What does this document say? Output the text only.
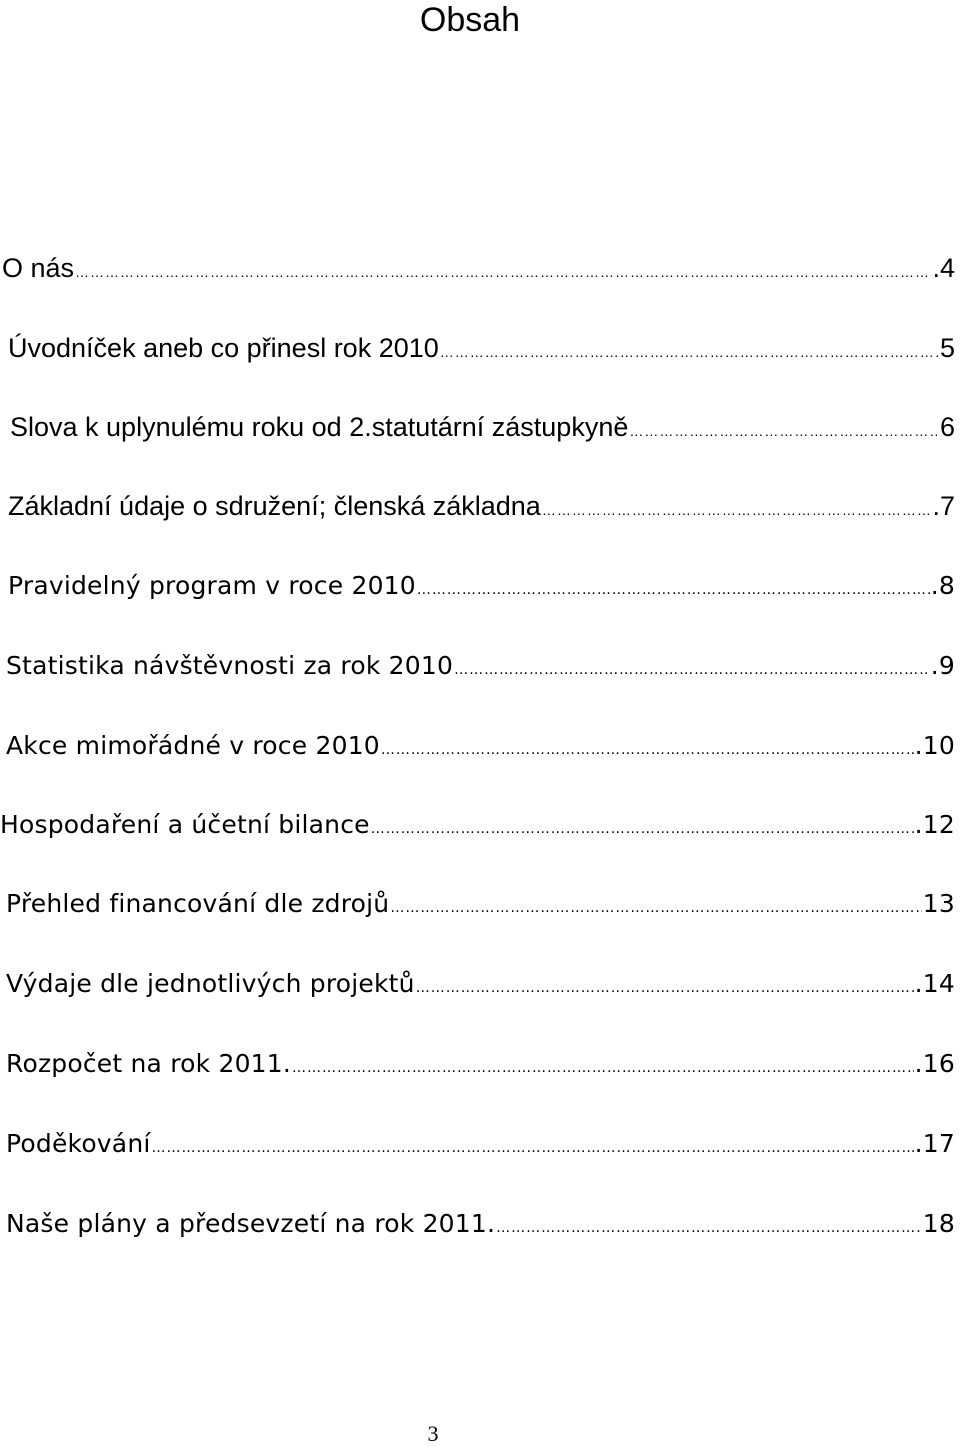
Obsah
O nás …………………………………………………………………………………………………………………………………………………………………………………………………………	.4
Úvodníček aneb co přinesl rok 2010 …………………………………………………………………………………………………………………………………………………………………………………………………………	5
Slova k uplynulému roku od 2.statutární zástupkyně …………………………………………………………………………………………………………………………………………………………………………………………………………	6
Základní údaje o sdružení; členská základna …………………………………………………………………………………………………………………………………………………………………………………………………………	.7
Pravidelný program v roce 2010 …………………………………………………………………………………………………………………………………………………………………………………………………………	.8
Statistika návštěvnosti za rok 2010 …………………………………………………………………………………………………………………………………………………………………………………………………………	.9
Akce mimořádné v roce 2010 …………………………………………………………………………………………………………………………………………………………………………………………………………	.10
Hospodaření a účetní bilance …………………………………………………………………………………………………………………………………………………………………………………………………………	.12
Přehled financování dle zdrojů …………………………………………………………………………………………………………………………………………………………………………………………………………	13
Výdaje dle jednotlivých projektů …………………………………………………………………………………………………………………………………………………………………………………………………………	.14
Rozpočet na rok 2011. …………………………………………………………………………………………………………………………………………………………………………………………………………	.16
Poděkování …………………………………………………………………………………………………………………………………………………………………………………………………………	.17
Naše plány a předsevzetí na rok 2011. …………………………………………………………………………………………………………………………………………………………………………………………………………	18
3
